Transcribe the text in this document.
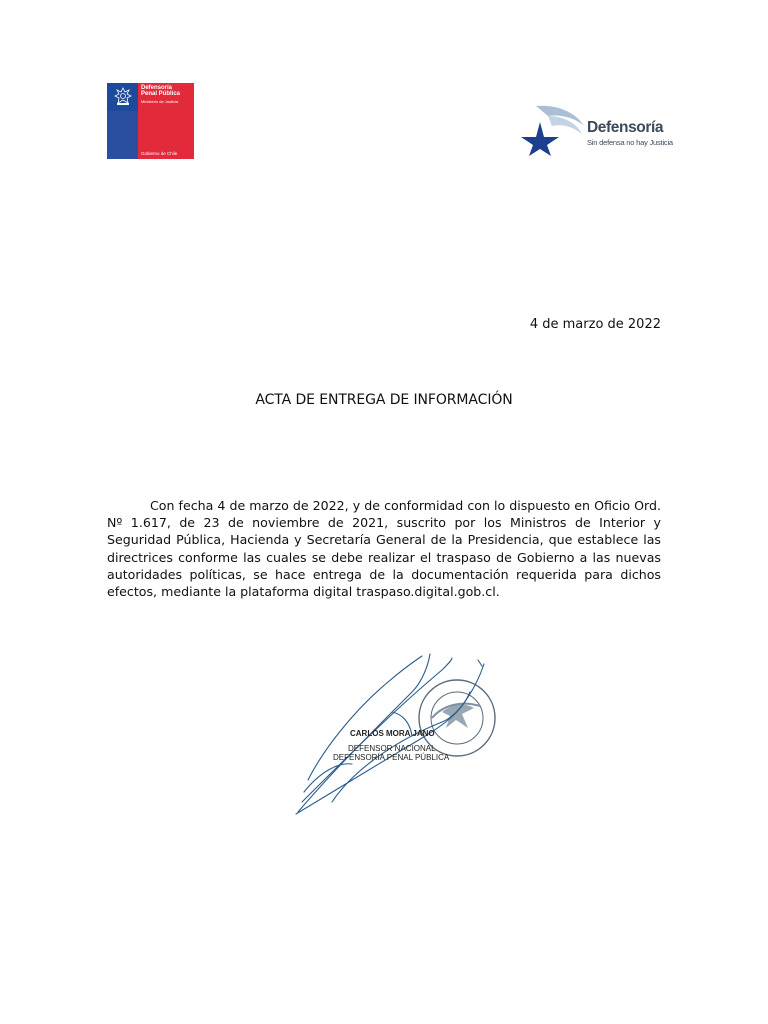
Defensoría
Penal Pública
Ministerio de Justicia
Gobierno de Chile
Defensoría
Sin defensa no hay Justicia
4 de marzo de 2022
ACTA DE ENTREGA DE INFORMACIÓN

Con fecha 4 de marzo de 2022, y de conformidad con lo dispuesto en Oficio Ord. Nº 1.617, de 23 de noviembre de 2021, suscrito por los Ministros de Interior y Seguridad Pública, Hacienda y Secretaría General de la Presidencia, que establece las directrices conforme las cuales se debe realizar el traspaso de Gobierno a las nuevas autoridades políticas, se hace entrega de la documentación requerida para dichos efectos, mediante la plataforma digital traspaso.digital.gob.cl.

CARLOS MORA JANO
DEFENSOR NACIONAL
DEFENSORÍA PENAL PÚBLICA
